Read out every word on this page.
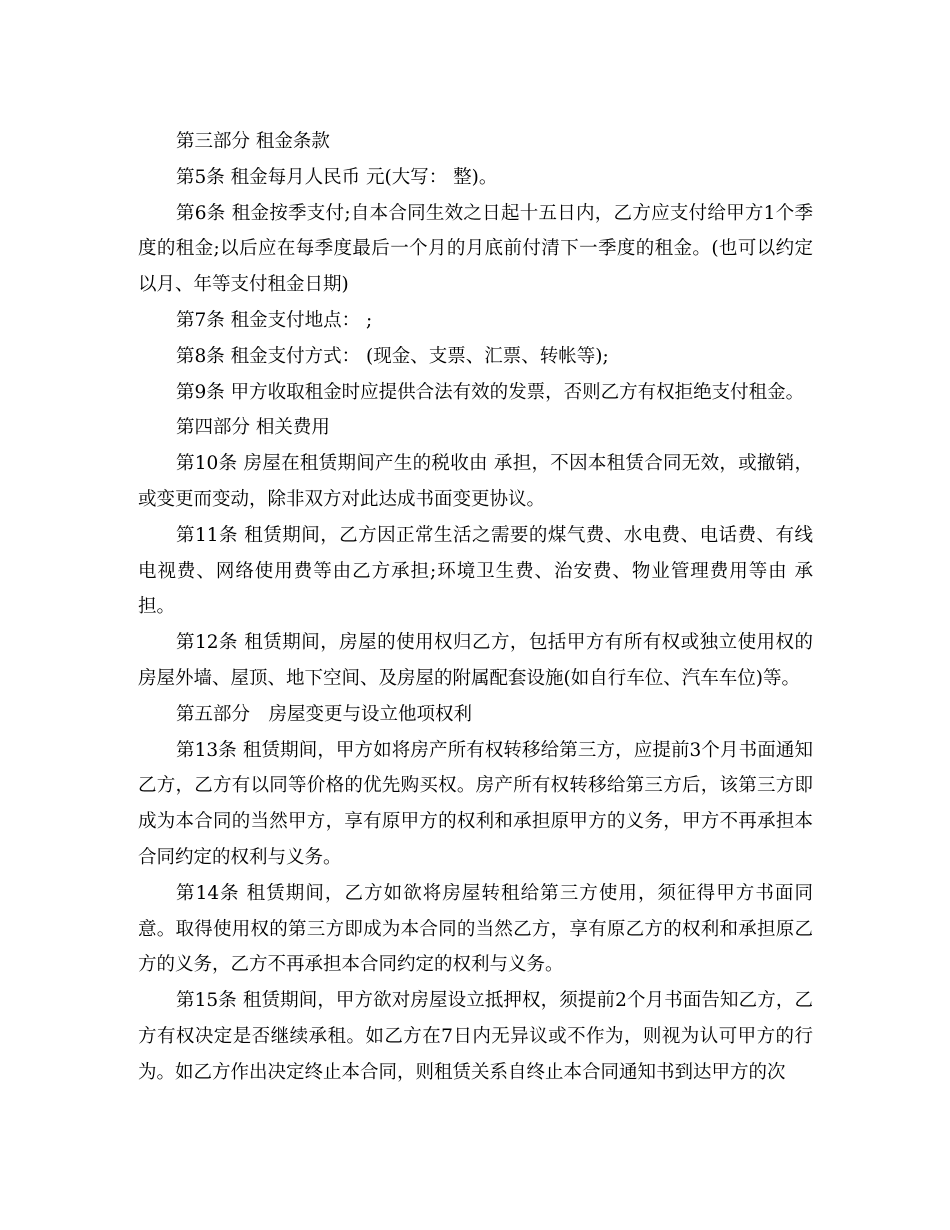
第三部分 租金条款

第5条 租金每月人民币 元(大写： 整)。

第6条 租金按季支付;自本合同生效之日起十五日内，乙方应支付给甲方1个季度的租金;以后应在每季度最后一个月的月底前付清下一季度的租金。(也可以约定以月、年等支付租金日期)

第7条 租金支付地点： ;

第8条 租金支付方式： (现金、支票、汇票、转帐等);

第9条 甲方收取租金时应提供合法有效的发票，否则乙方有权拒绝支付租金。

第四部分 相关费用

第10条 房屋在租赁期间产生的税收由 承担，不因本租赁合同无效，或撤销，或变更而变动，除非双方对此达成书面变更协议。

第11条 租赁期间，乙方因正常生活之需要的煤气费、水电费、电话费、有线电视费、网络使用费等由乙方承担;环境卫生费、治安费、物业管理费用等由 承担。

第12条 租赁期间，房屋的使用权归乙方，包括甲方有所有权或独立使用权的房屋外墙、屋顶、地下空间、及房屋的附属配套设施(如自行车位、汽车车位)等。

第五部分　房屋变更与设立他项权利

第13条 租赁期间，甲方如将房产所有权转移给第三方，应提前3个月书面通知乙方，乙方有以同等价格的优先购买权。房产所有权转移给第三方后，该第三方即成为本合同的当然甲方，享有原甲方的权利和承担原甲方的义务，甲方不再承担本合同约定的权利与义务。

第14条 租赁期间，乙方如欲将房屋转租给第三方使用，须征得甲方书面同意。取得使用权的第三方即成为本合同的当然乙方，享有原乙方的权利和承担原乙方的义务，乙方不再承担本合同约定的权利与义务。

第15条 租赁期间，甲方欲对房屋设立抵押权，须提前2个月书面告知乙方，乙方有权决定是否继续承租。如乙方在7日内无异议或不作为，则视为认可甲方的行为。如乙方作出决定终止本合同，则租赁关系自终止本合同通知书到达甲方的次
